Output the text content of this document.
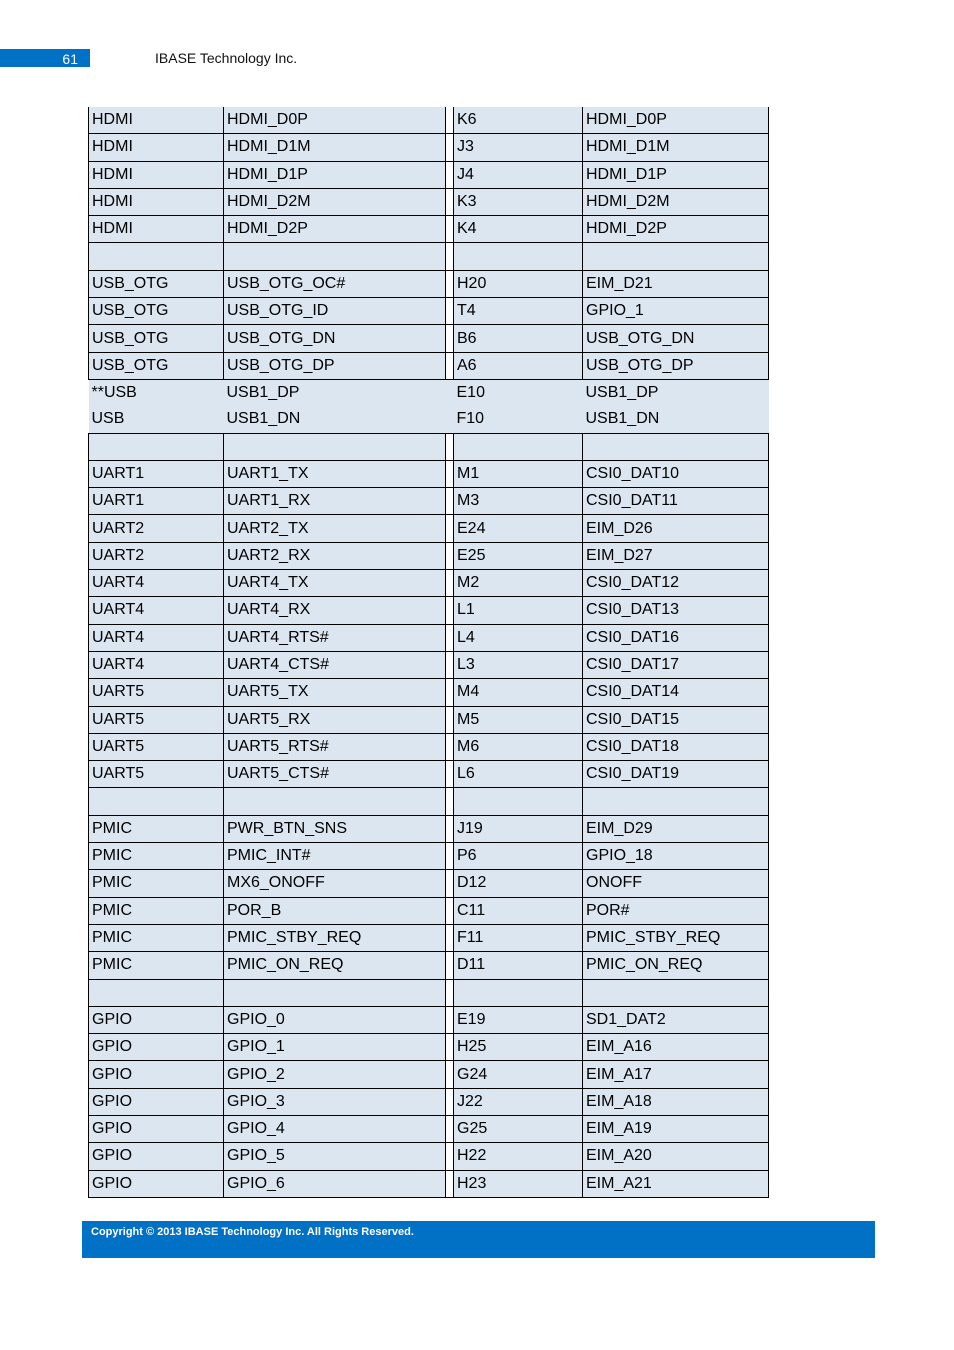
61	IBASE Technology Inc.
HDMI	HDMI_D0P		K6	HDMI_D0P
HDMI	HDMI_D1M		J3	HDMI_D1M
HDMI	HDMI_D1P		J4	HDMI_D1P
HDMI	HDMI_D2M		K3	HDMI_D2M
HDMI	HDMI_D2P		K4	HDMI_D2P

USB_OTG	USB_OTG_OC#		H20	EIM_D21
USB_OTG	USB_OTG_ID		T4	GPIO_1
USB_OTG	USB_OTG_DN		B6	USB_OTG_DN
USB_OTG	USB_OTG_DP		A6	USB_OTG_DP
**USB	USB1_DP		E10	USB1_DP
USB	USB1_DN		F10	USB1_DN

UART1	UART1_TX		M1	CSI0_DAT10
UART1	UART1_RX		M3	CSI0_DAT11
UART2	UART2_TX		E24	EIM_D26
UART2	UART2_RX		E25	EIM_D27
UART4	UART4_TX		M2	CSI0_DAT12
UART4	UART4_RX		L1	CSI0_DAT13
UART4	UART4_RTS#		L4	CSI0_DAT16
UART4	UART4_CTS#		L3	CSI0_DAT17
UART5	UART5_TX		M4	CSI0_DAT14
UART5	UART5_RX		M5	CSI0_DAT15
UART5	UART5_RTS#		M6	CSI0_DAT18
UART5	UART5_CTS#		L6	CSI0_DAT19

PMIC	PWR_BTN_SNS		J19	EIM_D29
PMIC	PMIC_INT#		P6	GPIO_18
PMIC	MX6_ONOFF		D12	ONOFF
PMIC	POR_B		C11	POR#
PMIC	PMIC_STBY_REQ		F11	PMIC_STBY_REQ
PMIC	PMIC_ON_REQ		D11	PMIC_ON_REQ

GPIO	GPIO_0		E19	SD1_DAT2
GPIO	GPIO_1		H25	EIM_A16
GPIO	GPIO_2		G24	EIM_A17
GPIO	GPIO_3		J22	EIM_A18
GPIO	GPIO_4		G25	EIM_A19
GPIO	GPIO_5		H22	EIM_A20
GPIO	GPIO_6		H23	EIM_A21
Copyright © 2013 IBASE Technology Inc. All Rights Reserved.
